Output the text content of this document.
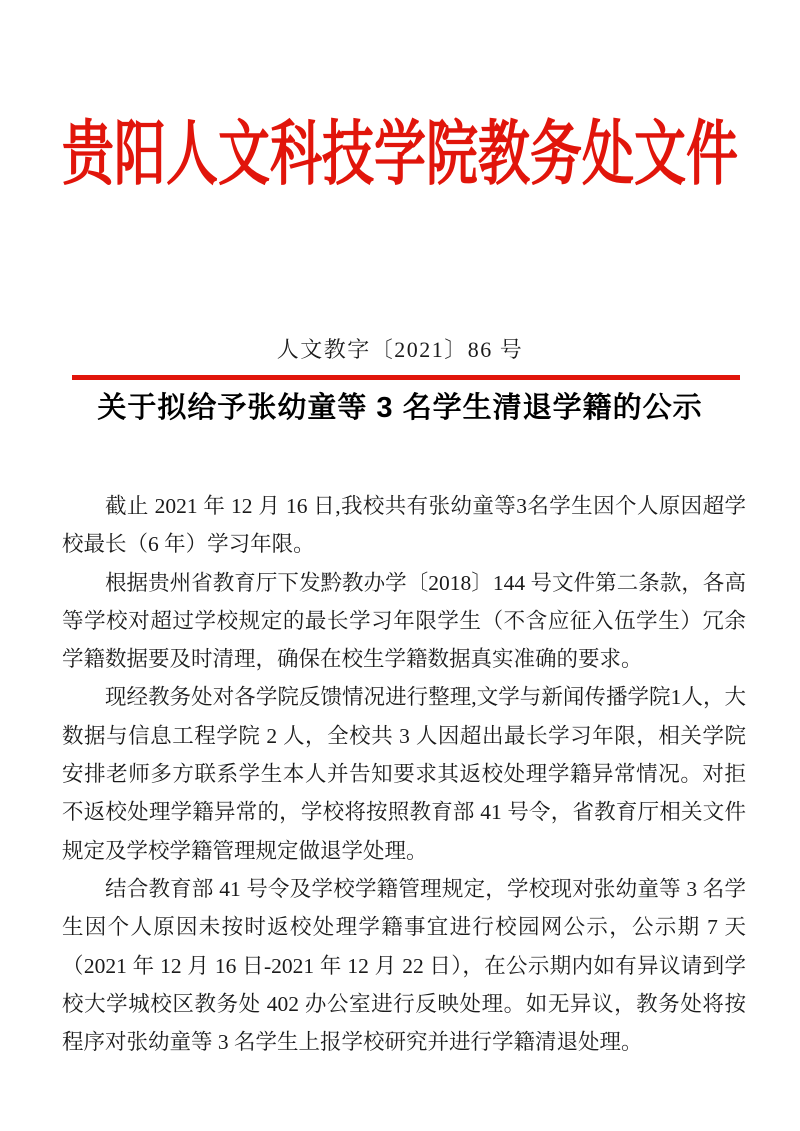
贵阳人文科技学院教务处文件
人文教字〔2021〕86 号
关于拟给予张幼童等 3 名学生清退学籍的公示

截止 2021 年 12 月 16 日,我校共有张幼童等3名学生因个人原因超学校最长（6 年）学习年限。

根据贵州省教育厅下发黔教办学〔2018〕144 号文件第二条款，各高等学校对超过学校规定的最长学习年限学生（不含应征入伍学生）冗余学籍数据要及时清理，确保在校生学籍数据真实准确的要求。

现经教务处对各学院反馈情况进行整理,文学与新闻传播学院1人，大数据与信息工程学院 2 人，全校共 3 人因超出最长学习年限，相关学院安排老师多方联系学生本人并告知要求其返校处理学籍异常情况。对拒不返校处理学籍异常的，学校将按照教育部 41 号令，省教育厅相关文件规定及学校学籍管理规定做退学处理。

结合教育部 41 号令及学校学籍管理规定，学校现对张幼童等 3 名学生因个人原因未按时返校处理学籍事宜进行校园网公示，公示期 7 天（2021 年 12 月 16 日-2021 年 12 月 22 日），在公示期内如有异议请到学校大学城校区教务处 402 办公室进行反映处理。如无异议，教务处将按程序对张幼童等 3 名学生上报学校研究并进行学籍清退处理。
